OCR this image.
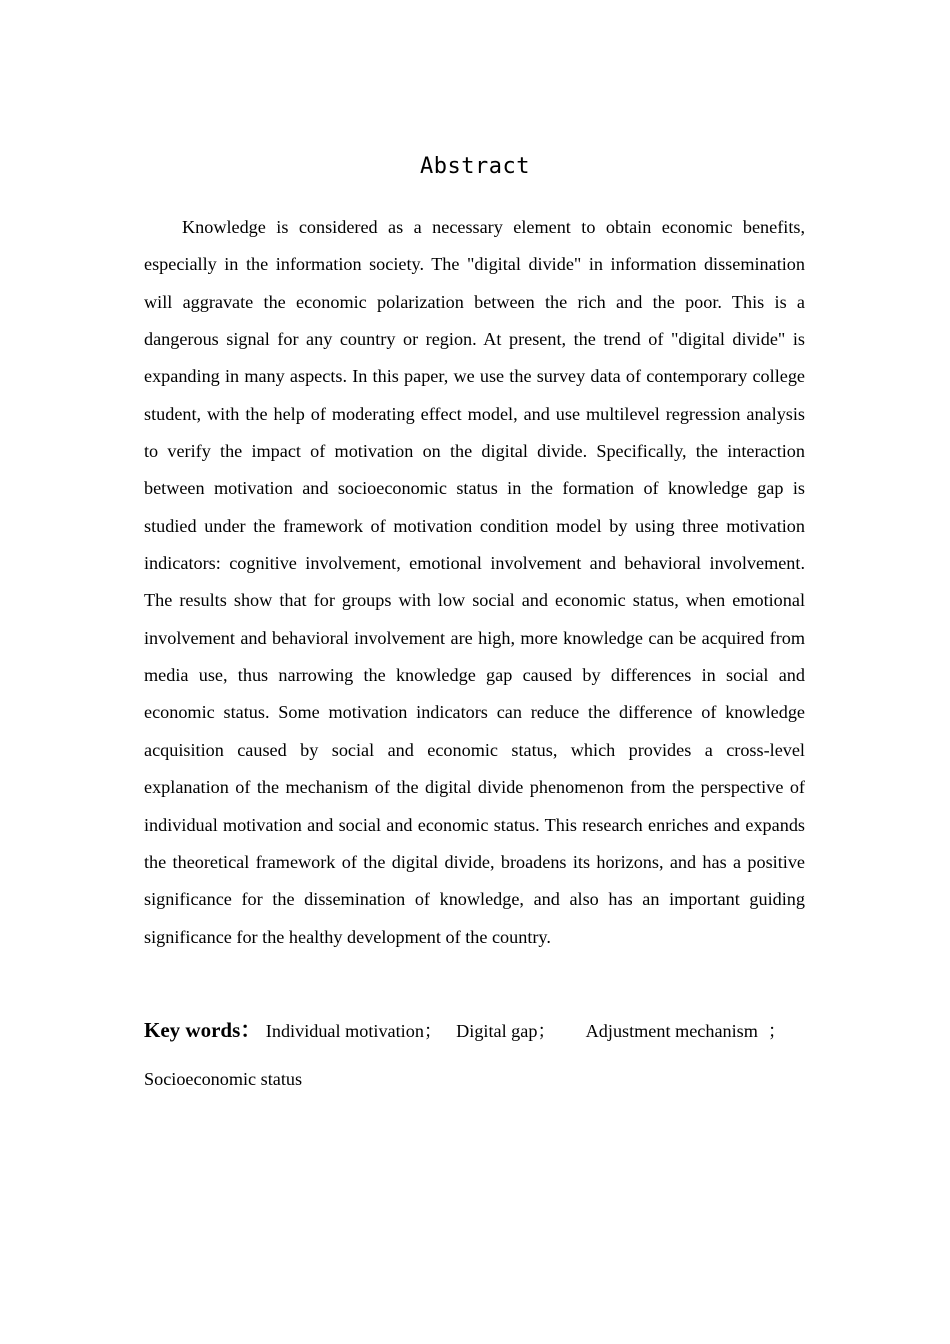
Abstract

Knowledge is considered as a necessary element to obtain economic benefits, especially in the information society. The "digital divide" in information dissemination will aggravate the economic polarization between the rich and the poor. This is a dangerous signal for any country or region. At present, the trend of "digital divide" is expanding in many aspects. In this paper, we use the survey data of contemporary college student, with the help of moderating effect model, and use multilevel regression analysis to verify the impact of motivation on the digital divide. Specifically, the interaction between motivation and socioeconomic status in the formation of knowledge gap is studied under the framework of motivation condition model by using three motivation indicators: cognitive involvement, emotional involvement and behavioral involvement. The results show that for groups with low social and economic status, when emotional involvement and behavioral involvement are high, more knowledge can be acquired from media use, thus narrowing the knowledge gap caused by differences in social and economic status. Some motivation indicators can reduce the difference of knowledge acquisition caused by social and economic status, which provides a cross-level explanation of the mechanism of the digital divide phenomenon from the perspective of individual motivation and social and economic status. This research enriches and expands the theoretical framework of the digital divide, broadens its horizons, and has a positive significance for the dissemination of knowledge, and also has an important guiding significance for the healthy development of the country.

Key words： Individual motivation； Digital gap； Adjustment mechanism ；
Socioeconomic status
